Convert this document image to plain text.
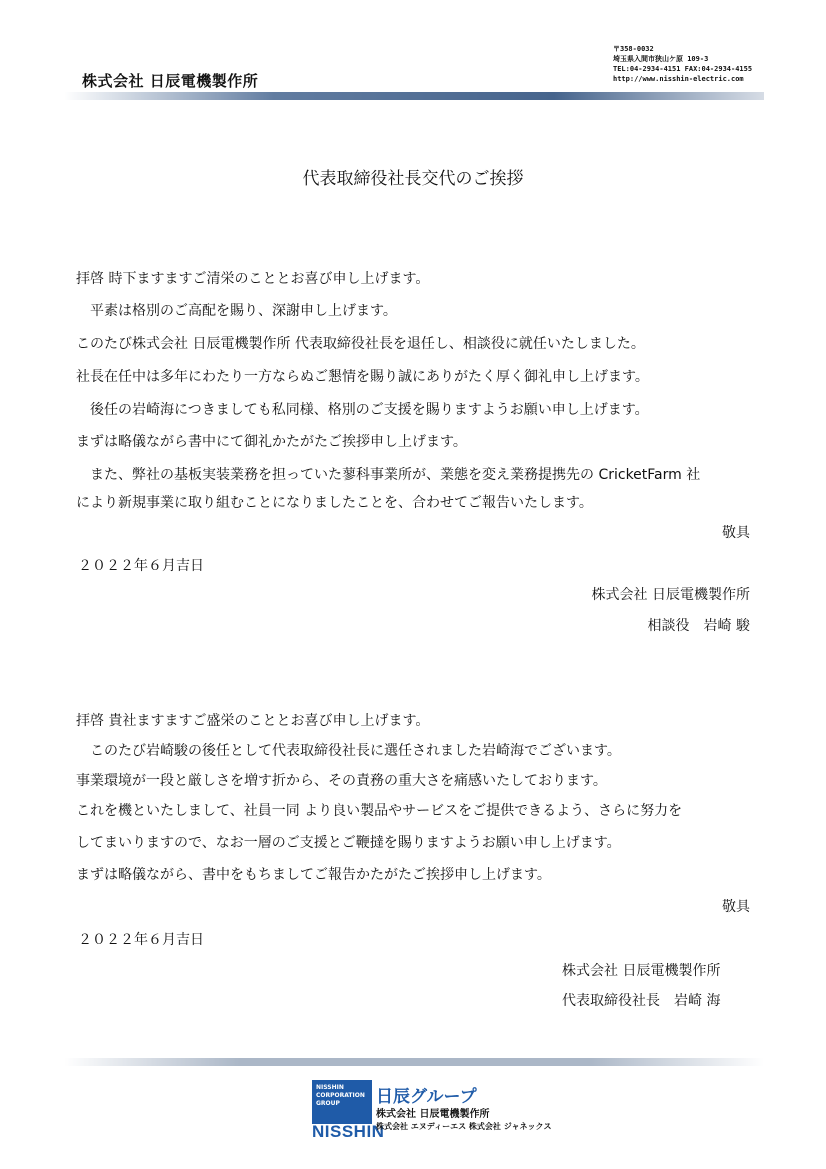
株式会社 日辰電機製作所
〒358-0032
埼玉県入間市狭山ケ原 109-3
TEL:04-2934-4151 FAX:04-2934-4155
http://www.nisshin-electric.com
代表取締役社長交代のご挨拶
拝啓 時下ますますご清栄のこととお喜び申し上げます。
　平素は格別のご高配を賜り、深謝申し上げます。
このたび株式会社 日辰電機製作所 代表取締役社長を退任し、相談役に就任いたしました。
社長在任中は多年にわたり一方ならぬご懇情を賜り誠にありがたく厚く御礼申し上げます。
　後任の岩崎海につきましても私同様、格別のご支援を賜りますようお願い申し上げます。
まずは略儀ながら書中にて御礼かたがたご挨拶申し上げます。
　また、弊社の基板実装業務を担っていた蓼科事業所が、業態を変え業務提携先の CricketFarm 社
により新規事業に取り組むことになりましたことを、合わせてご報告いたします。
敬具
２０２２年６月吉日
株式会社 日辰電機製作所
相談役　岩崎 駿
拝啓 貴社ますますご盛栄のこととお喜び申し上げます。
　このたび岩崎駿の後任として代表取締役社長に選任されました岩崎海でございます。
事業環境が一段と厳しさを増す折から、その責務の重大さを痛感いたしております。
これを機といたしまして、社員一同 より良い製品やサービスをご提供できるよう、さらに努力を
してまいりますので、なお一層のご支援とご鞭撻を賜りますようお願い申し上げます。
まずは略儀ながら、書中をもちましてご報告かたがたご挨拶申し上げます。
敬具
２０２２年６月吉日
株式会社 日辰電機製作所
代表取締役社長　岩崎 海
NISSHIN
CORPORATION
GROUP
NISSHIN
日辰グループ
株式会社 日辰電機製作所
株式会社 エヌディーエス 株式会社 ジャネックス
